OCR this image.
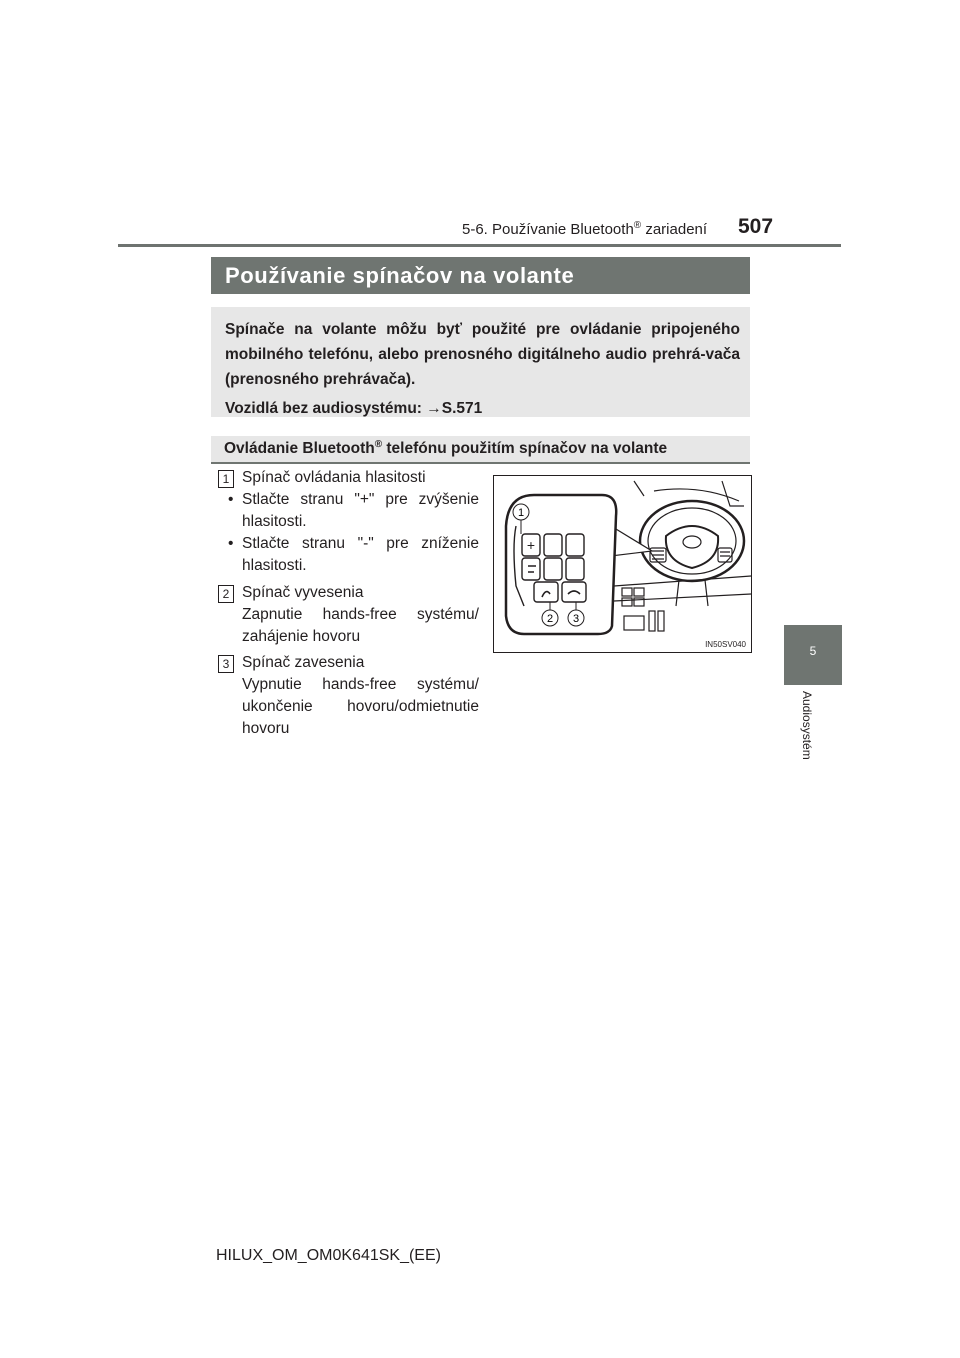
5-6. Používanie Bluetooth® zariadení 507
Používanie spínačov na volante

Spínače na volante môžu byť použité pre ovládanie pripojeného mobilného telefónu, alebo prenosného digitálneho audio prehrá-vača (prenosného prehrávača).

Vozidlá bez audiosystému: →S.571

Ovládanie Bluetooth® telefónu použitím spínačov na volante
1 Spínač ovládania hlasitosti
• Stlačte stranu "+" pre zvýšenie
hlasitosti.
• Stlačte stranu "-" pre zníženie
hlasitosti.
2 Spínač vyvesenia
Zapnutie hands-free systému/
zahájenie hovoru
3 Spínač zavesenia
Vypnutie hands-free systému/
ukončenie hovoru/odmietnutie
hovoru
+
1
2 3
IN50SV040	5
Audiosystém
HILUX_OM_OM0K641SK_(EE)
